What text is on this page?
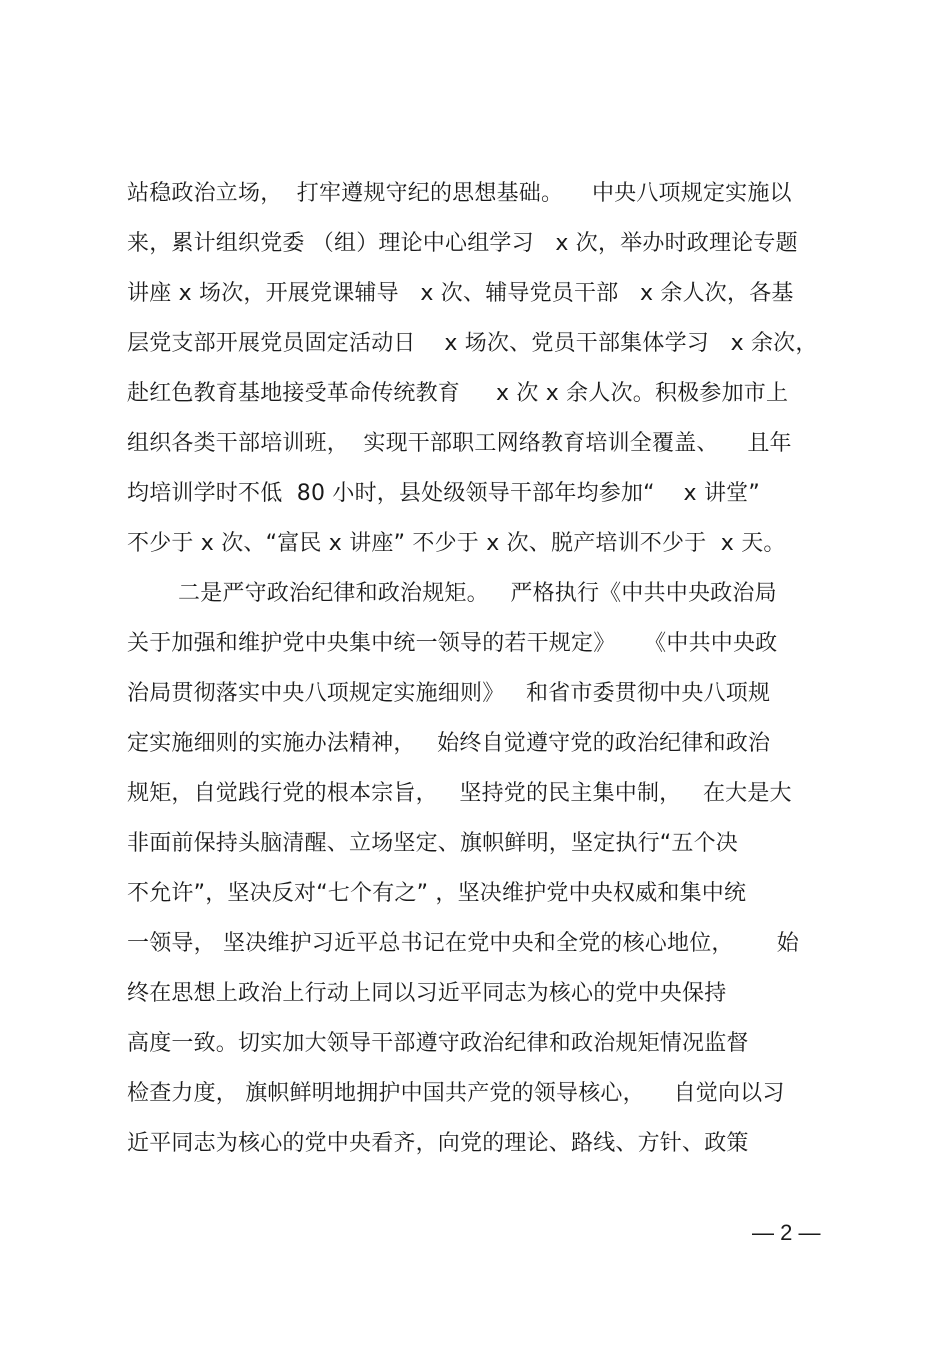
站稳政治立场，  打牢遵规守纪的思想基础。    中央八项规定实施以
来，累计组织党委 （组）理论中心组学习   x 次，举办时政理论专题
讲座 x 场次，开展党课辅导   x 次、辅导党员干部   x 余人次，各基
层党支部开展党员固定活动日    x 场次、党员干部集体学习   x 余次，
赴红色教育基地接受革命传统教育     x 次 x 余人次。积极参加市上
组织各类干部培训班，  实现干部职工网络教育培训全覆盖、    且年
均培训学时不低  80 小时，县处级领导干部年均参加“    x 讲堂”
不少于 x 次、“富民 x 讲座” 不少于 x 次、脱产培训不少于  x 天。
二是严守政治纪律和政治规矩。   严格执行《中共中央政治局
关于加强和维护党中央集中统一领导的若干规定》    《中共中央政
治局贯彻落实中央八项规定实施细则》   和省市委贯彻中央八项规
定实施细则的实施办法精神，   始终自觉遵守党的政治纪律和政治
规矩，自觉践行党的根本宗旨，   坚持党的民主集中制，   在大是大
非面前保持头脑清醒、立场坚定、旗帜鲜明，坚定执行“五个决
不允许”，坚决反对“七个有之” ，坚决维护党中央权威和集中统
一领导， 坚决维护习近平总书记在党中央和全党的核心地位，      始
终在思想上政治上行动上同以习近平同志为核心的党中央保持
高度一致。切实加大领导干部遵守政治纪律和政治规矩情况监督
检查力度， 旗帜鲜明地拥护中国共产党的领导核心，    自觉向以习
近平同志为核心的党中央看齐，向党的理论、路线、方针、政策
— 2 —
